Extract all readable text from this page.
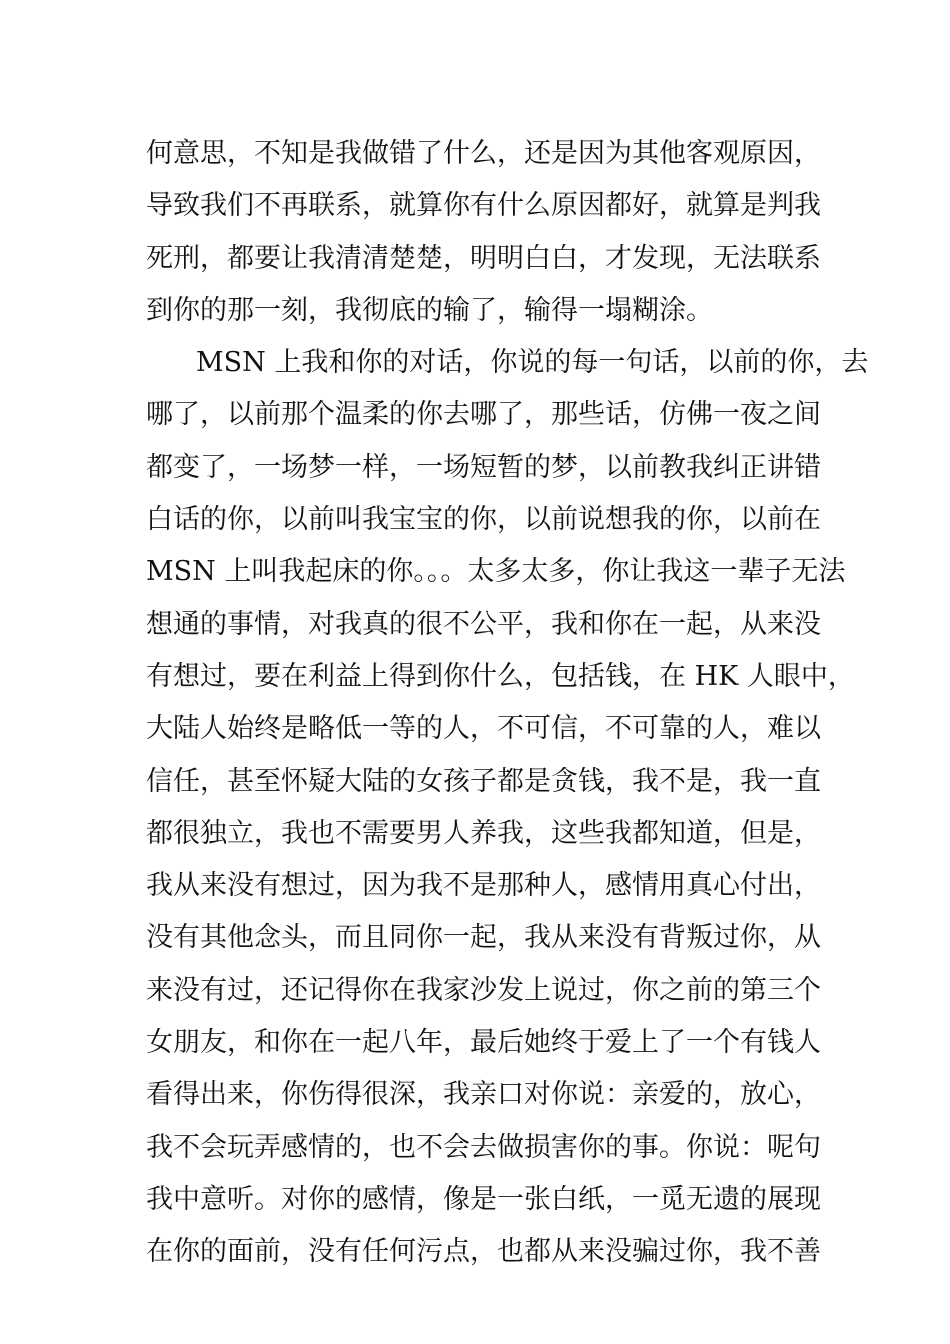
何意思，不知是我做错了什么，还是因为其他客观原因，
导致我们不再联系，就算你有什么原因都好，就算是判我
死刑，都要让我清清楚楚，明明白白，才发现，无法联系
到你的那一刻，我彻底的输了，输得一塌糊涂。
MSN 上我和你的对话，你说的每一句话，以前的你，去
哪了，以前那个温柔的你去哪了，那些话，仿佛一夜之间
都变了，一场梦一样，一场短暂的梦，以前教我纠正讲错
白话的你，以前叫我宝宝的你，以前说想我的你，以前在
MSN 上叫我起床的你。。。太多太多，你让我这一辈子无法
想通的事情，对我真的很不公平，我和你在一起，从来没
有想过，要在利益上得到你什么，包括钱，在 HK 人眼中，
大陆人始终是略低一等的人，不可信，不可靠的人，难以
信任，甚至怀疑大陆的女孩子都是贪钱，我不是，我一直
都很独立，我也不需要男人养我，这些我都知道，但是，
我从来没有想过，因为我不是那种人，感情用真心付出，
没有其他念头，而且同你一起，我从来没有背叛过你，从
来没有过，还记得你在我家沙发上说过，你之前的第三个
女朋友，和你在一起八年，最后她终于爱上了一个有钱人
看得出来，你伤得很深，我亲口对你说：亲爱的，放心，
我不会玩弄感情的，也不会去做损害你的事。你说：呢句
我中意听。对你的感情，像是一张白纸，一觅无遗的展现
在你的面前，没有任何污点，也都从来没骗过你，我不善
